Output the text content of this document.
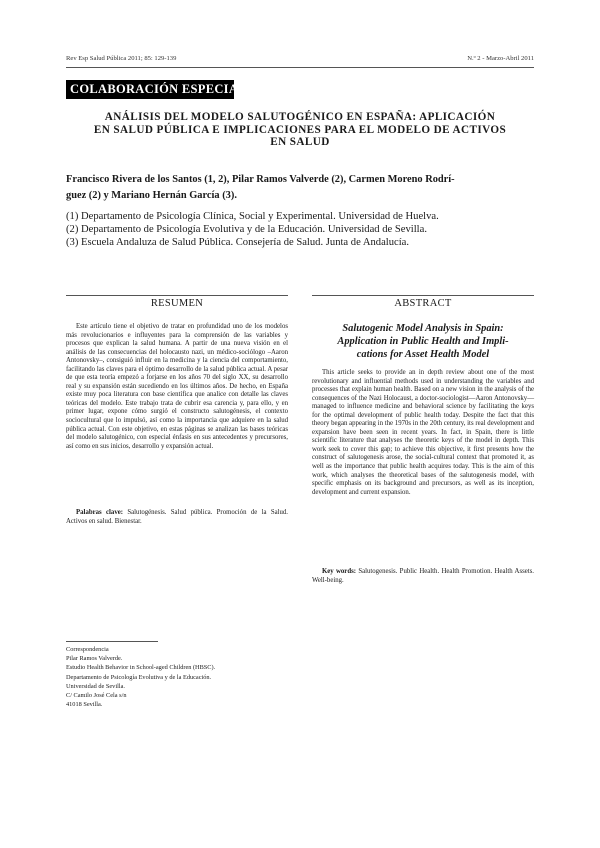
Rev Esp Salud Pública 2011; 85: 129-139	N.º 2 - Marzo-Abril 2011
COLABORACIÓN ESPECIAL
ANÁLISIS DEL MODELO SALUTOGÉNICO EN ESPAÑA: APLICACIÓN
EN SALUD PÚBLICA E IMPLICACIONES PARA EL MODELO DE ACTIVOS
EN SALUD
Francisco Rivera de los Santos (1, 2), Pilar Ramos Valverde (2), Carmen Moreno Rodrí-
guez (2) y Mariano Hernán García (3).
(1) Departamento de Psicología Clínica, Social y Experimental. Universidad de Huelva.
(2) Departamento de Psicología Evolutiva y de la Educación. Universidad de Sevilla.
(3) Escuela Andaluza de Salud Pública. Consejería de Salud. Junta de Andalucía.
RESUMEN	ABSTRACT

Este artículo tiene el objetivo de tratar en profundidad uno de los modelos más revolucionarios e influyentes para la comprensión de las variables y procesos que explican la salud humana. A partir de una nueva visión en el análisis de las consecuencias del holocausto nazi, un médico-sociólogo –Aaron Antonovsky–, consiguió influir en la medicina y la ciencia del comportamiento, facilitando las claves para el óptimo desarrollo de la salud pública actual. A pesar de que esta teoría empezó a forjarse en los años 70 del siglo XX, su desarrollo real y su expansión están sucediendo en los últimos años. De hecho, en España existe muy poca literatura con base científica que analice con detalle las claves teóricas del modelo. Este trabajo trata de cubrir esa carencia y, para ello, y en primer lugar, expone cómo surgió el constructo salutogénesis, el contexto sociocultural que lo impulsó, así como la importancia que adquiere en la salud pública actual. Con este objetivo, en estas páginas se analizan las bases teóricas del modelo salutogénico, con especial énfasis en sus antecedentes y precursores, así como en sus inicios, desarrollo y expansión actual.

Palabras clave: Salutogénesis. Salud pública. Promoción de la Salud. Activos en salud. Bienestar.
Salutogenic Model Analysis in Spain:
Application in Public Health and Impli-
cations for Asset Health Model

This article seeks to provide an in depth review about one of the most revolutionary and influential methods used in understanding the variables and processes that explain human health. Based on a new vision in the analysis of the consequences of the Nazi Holocaust, a doctor-sociologist—Aaron Antonovsky—managed to influence medicine and behavioral science by facilitating the keys for the optimal development of public health today. Despite the fact that this theory began appearing in the 1970s in the 20th century, its real development and expansion have been seen in recent years. In fact, in Spain, there is little scientific literature that analyses the theoretic keys of the model in depth. This work seek to cover this gap; to achieve this objective, it first presents how the construct of salutogenesis arose, the social-cultural context that promoted it, as well as the importance that public health acquires today. This is the aim of this work, which analyses the theoretical bases of the salutogenesis model, with specific emphasis on its background and precursors, as well as its inception, development and current expansion.

Key words: Salutogenesis. Public Health. Health Promotion. Health Assets. Well-being.
Correspondencia
Pilar Ramos Valverde.
Estudio Health Behavior in School-aged Children (HBSC).
Departamento de Psicología Evolutiva y de la Educación.
Universidad de Sevilla.
C/ Camilo José Cela s/n
41018 Sevilla.
